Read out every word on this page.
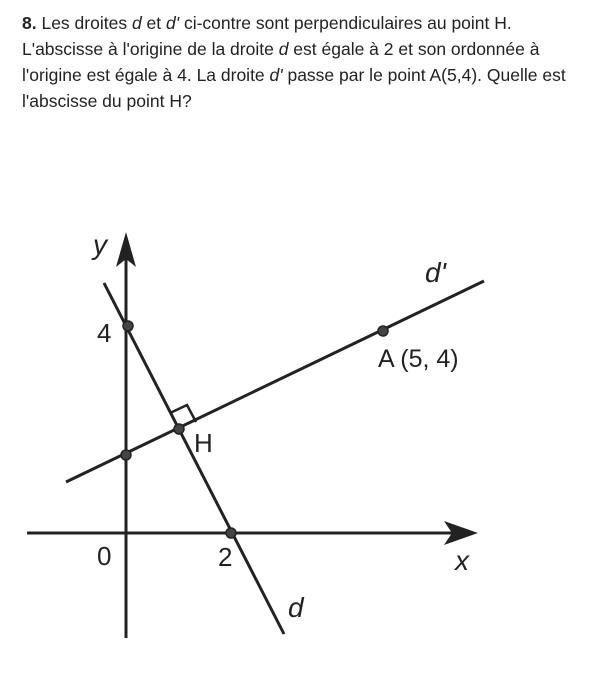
8. Les droites d et d' ci-contre sont perpendiculaires au point H. L'abscisse à l'origine de la droite d est égale à 2 et son ordonnée à l'origine est égale à 4. La droite d' passe par le point A(5,4). Quelle est l'abscisse du point H?
y
x
0
4
2
H
A (5, 4)
d
d'
